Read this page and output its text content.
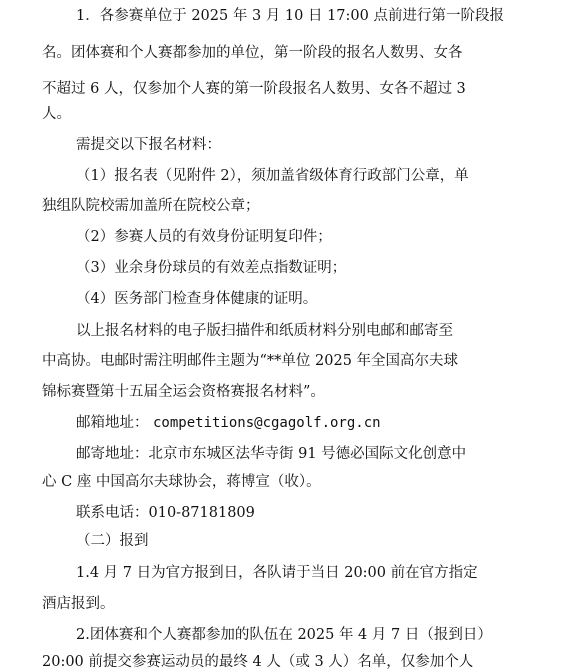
1．各参赛单位于 2025 年 3 月 10 日 17:00 点前进行第一阶段报
名。团体赛和个人赛都参加的单位，第一阶段的报名人数男、女各
不超过 6 人，仅参加个人赛的第一阶段报名人数男、女各不超过 3
人。
需提交以下报名材料：
（1）报名表（见附件 2），须加盖省级体育行政部门公章，单
独组队院校需加盖所在院校公章；
（2）参赛人员的有效身份证明复印件；
（3）业余身份球员的有效差点指数证明；
（4）医务部门检查身体健康的证明。
以上报名材料的电子版扫描件和纸质材料分别电邮和邮寄至
中高协。电邮时需注明邮件主题为“**单位 2025 年全国高尔夫球
锦标赛暨第十五届全运会资格赛报名材料”。
邮箱地址： competitions@cgagolf.org.cn
邮寄地址：北京市东城区法华寺街 91 号德必国际文化创意中
心 C 座 中国高尔夫球协会，蒋博宣（收）。
联系电话：010-87181809
（二）报到
1.4 月 7 日为官方报到日，各队请于当日 20:00 前在官方指定
酒店报到。
2.团体赛和个人赛都参加的队伍在 2025 年 4 月 7 日（报到日）
20:00 前提交参赛运动员的最终 4 人（或 3 人）名单，仅参加个人
